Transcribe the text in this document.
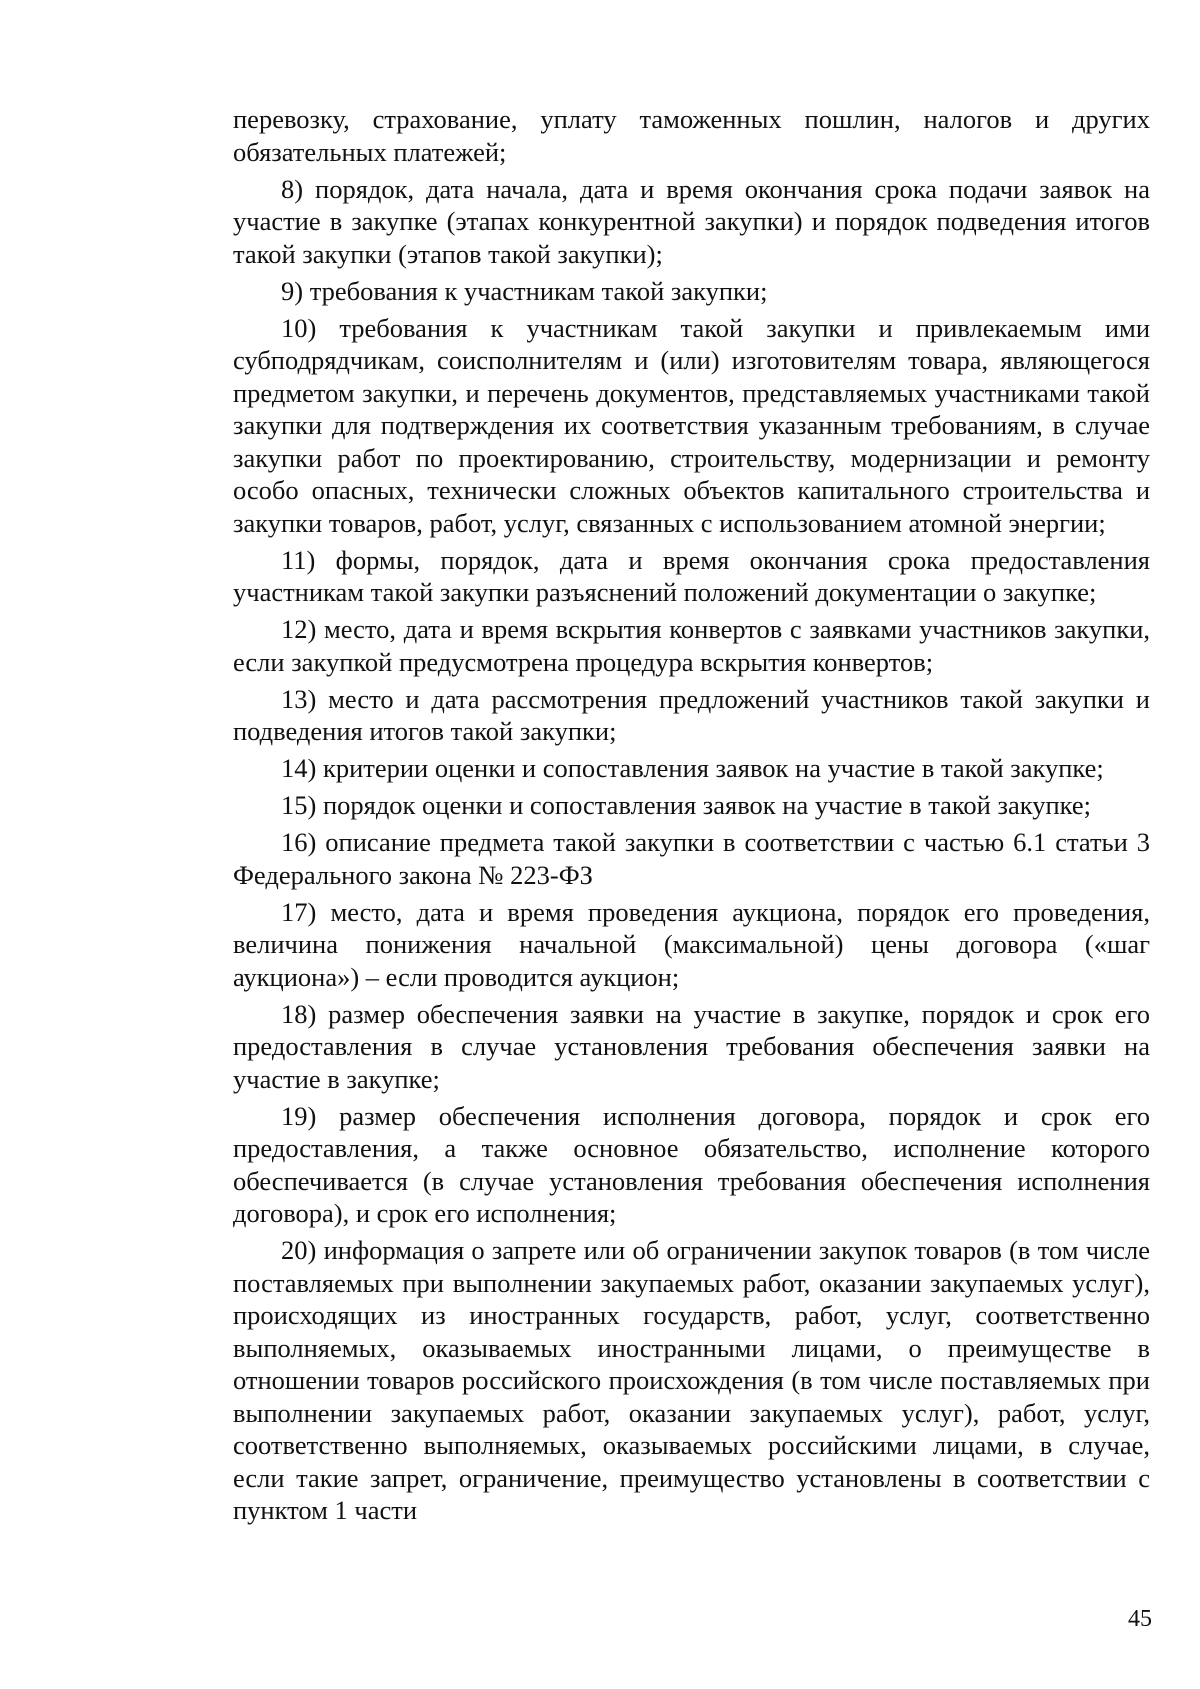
перевозку, страхование, уплату таможенных пошлин, налогов и других обязательных платежей;

8) порядок, дата начала, дата и время окончания срока подачи заявок на участие в закупке (этапах конкурентной закупки) и порядок подведения итогов такой закупки (этапов такой закупки);

9) требования к участникам такой закупки;

10) требования к участникам такой закупки и привлекаемым ими субподрядчикам, соисполнителям и (или) изготовителям товара, являющегося предметом закупки, и перечень документов, представляемых участниками такой закупки для подтверждения их соответствия указанным требованиям, в случае закупки работ по проектированию, строительству, модернизации и ремонту особо опасных, технически сложных объектов капитального строительства и закупки товаров, работ, услуг, связанных с использованием атомной энергии;

11) формы, порядок, дата и время окончания срока предоставления участникам такой закупки разъяснений положений документации о закупке;

12) место, дата и время вскрытия конвертов с заявками участников закупки, если закупкой предусмотрена процедура вскрытия конвертов;

13) место и дата рассмотрения предложений участников такой закупки и подведения итогов такой закупки;

14) критерии оценки и сопоставления заявок на участие в такой закупке;

15) порядок оценки и сопоставления заявок на участие в такой закупке;

16) описание предмета такой закупки в соответствии с частью 6.1 статьи 3 Федерального закона № 223-ФЗ

17) место, дата и время проведения аукциона, порядок его проведения, величина понижения начальной (максимальной) цены договора («шаг аукциона») – если проводится аукцион;

18) размер обеспечения заявки на участие в закупке, порядок и срок его предоставления в случае установления требования обеспечения заявки на участие в закупке;

19) размер обеспечения исполнения договора, порядок и срок его предоставления, а также основное обязательство, исполнение которого обеспечивается (в случае установления требования обеспечения исполнения договора), и срок его исполнения;

20) информация о запрете или об ограничении закупок товаров (в том числе поставляемых при выполнении закупаемых работ, оказании закупаемых услуг), происходящих из иностранных государств, работ, услуг, соответственно выполняемых, оказываемых иностранными лицами, о преимуществе в отношении товаров российского происхождения (в том числе поставляемых при выполнении закупаемых работ, оказании закупаемых услуг), работ, услуг, соответственно выполняемых, оказываемых российскими лицами, в случае, если такие запрет, ограничение, преимущество установлены в соответствии с пунктом 1 части

45
